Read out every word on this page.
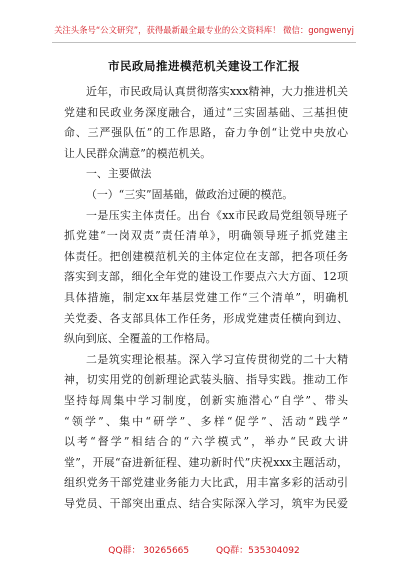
关注头条号“公文研究”，获得最新最全最专业的公文资料库！ 微信：gongwenyj
市民政局推进模范机关建设工作汇报
近年，市民政局认真贯彻落实xxx精神，大力推进机关
党建和民政业务深度融合，通过“三实固基础、三基担使
命、三严强队伍”的工作思路，奋力争创“让党中央放心
让人民群众满意”的模范机关。
一、主要做法
（一）“三实”固基础，做政治过硬的模范。
一是压实主体责任。出台《xx市民政局党组领导班子
抓党建“一岗双责”责任清单》，明确领导班子抓党建主
体责任。把创建模范机关的主体定位在支部，把各项任务
落实到支部，细化全年党的建设工作要点六大方面、12项
具体措施，制定xx年基层党建工作“三个清单”，明确机
关党委、各支部具体工作任务，形成党建责任横向到边、
纵向到底、全覆盖的工作格局。
二是筑实理论根基。深入学习宣传贯彻党的二十大精
神，切实用党的创新理论武装头脑、指导实践。推动工作
坚持每周集中学习制度，创新实施潜心“自学”、带头
“领学”、集中“研学”、多样“促学”、活动“践学”
以考“督学”相结合的“六学模式”，举办“民政大讲
堂”，开展“奋进新征程、建功新时代”庆祝xxx主题活动，
组织党务干部党建业务能力大比武，用丰富多彩的活动引
导党员、干部突出重点、结合实际深入学习，筑牢为民爱
QQ群： 30265665	QQ群：535304092
